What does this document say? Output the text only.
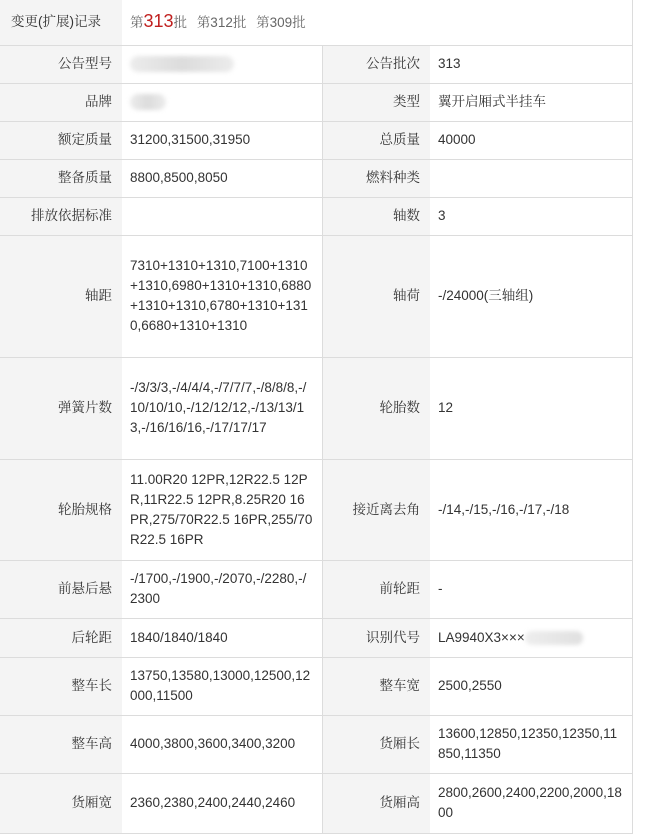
变更(扩展)记录	第313批 第312批 第309批		
公告型号		公告批次	313
品牌		类型	翼开启厢式半挂车
额定质量	31200,31500,31950	总质量	40000
整备质量	8800,8500,8050	燃料种类	
排放依据标准		轴数	3
轴距	7310+1310+1310,7100+1310+1310,6980+1310+1310,6880+1310+1310,6780+1310+1310,6680+1310+1310	轴荷	-/24000(三轴组)
弹簧片数	-/3/3/3,-/4/4/4,-/7/7/7,-/8/8/8,-/10/10/10,-/12/12/12,-/13/13/13,-/16/16/16,-/17/17/17	轮胎数	12
轮胎规格	11.00R20 12PR,12R22.5 12PR,11R22.5 12PR,8.25R20 16PR,275/70R22.5 16PR,255/70R22.5 16PR	接近离去角	-/14,-/15,-/16,-/17,-/18
前悬后悬	-/1700,-/1900,-/2070,-/2280,-/2300	前轮距	-
后轮距	1840/1840/1840	识别代号	LA9940X3×××
整车长	13750,13580,13000,12500,12000,11500	整车宽	2500,2550
整车高	4000,3800,3600,3400,3200	货厢长	13600,12850,12350,12350,11850,11350
货厢宽	2360,2380,2400,2440,2460	货厢高	2800,2600,2400,2200,2000,1800
